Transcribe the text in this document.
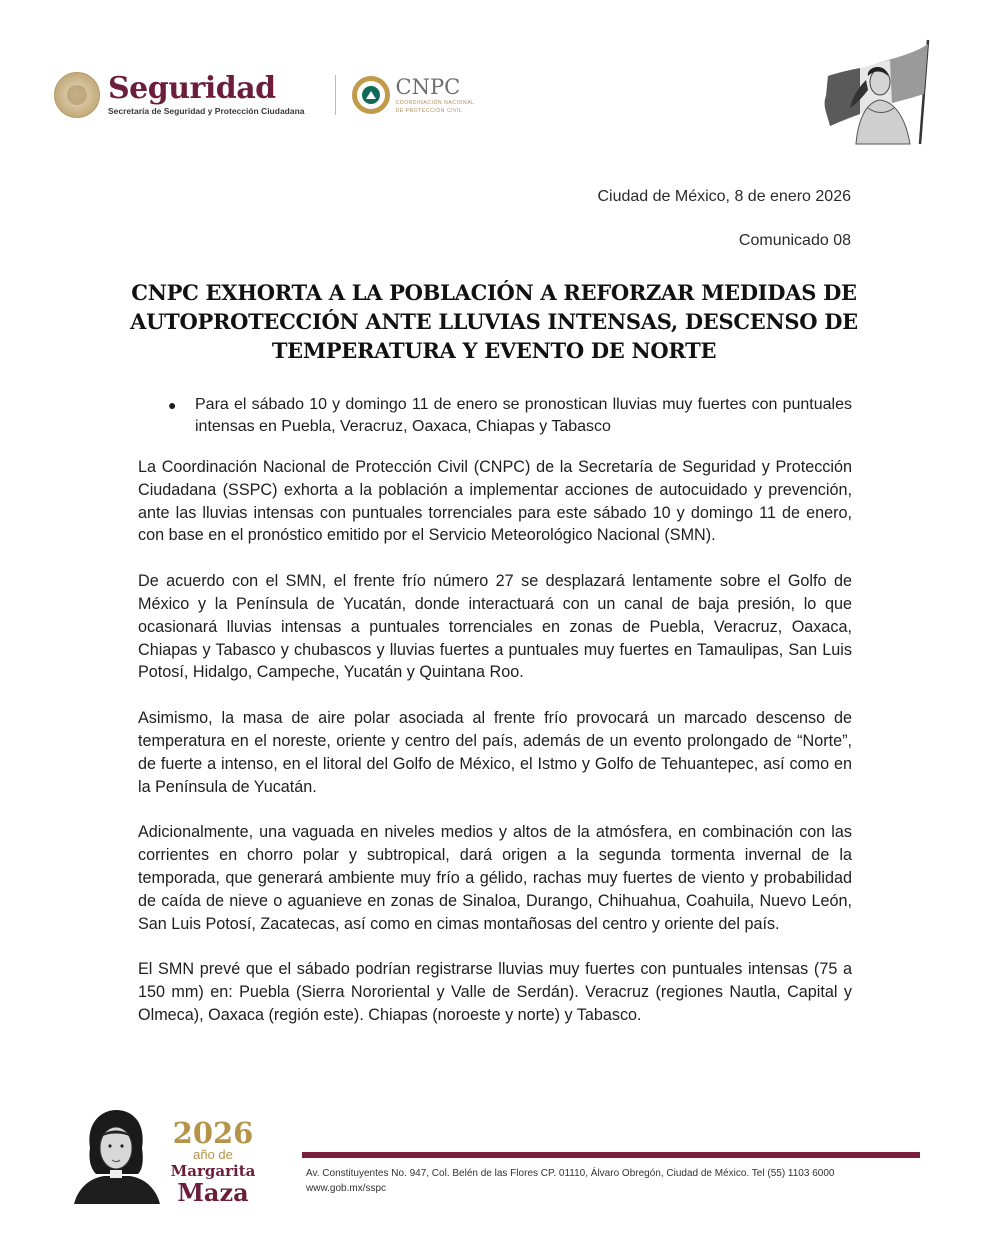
Seguridad
Secretaría de Seguridad y Protección Ciudadana
CNPC
COORDINACIÓN NACIONAL
DE PROTECCIÓN CIVIL
Ciudad de México, 8 de enero 2026
Comunicado 08
CNPC EXHORTA A LA POBLACIÓN A REFORZAR MEDIDAS DE AUTOPROTECCIÓN ANTE LLUVIAS INTENSAS, DESCENSO DE TEMPERATURA Y EVENTO DE NORTE
●	Para el sábado 10 y domingo 11 de enero se pronostican lluvias muy fuertes con puntuales intensas en Puebla, Veracruz, Oaxaca, Chiapas y Tabasco

La Coordinación Nacional de Protección Civil (CNPC) de la Secretaría de Seguridad y Protección Ciudadana (SSPC) exhorta a la población a implementar acciones de autocuidado y prevención, ante las lluvias intensas con puntuales torrenciales para este sábado 10 y domingo 11 de enero, con base en el pronóstico emitido por el Servicio Meteorológico Nacional (SMN).

De acuerdo con el SMN, el frente frío número 27 se desplazará lentamente sobre el Golfo de México y la Península de Yucatán, donde interactuará con un canal de baja presión, lo que ocasionará lluvias intensas a puntuales torrenciales en zonas de Puebla, Veracruz, Oaxaca, Chiapas y Tabasco y chubascos y lluvias fuertes a puntuales muy fuertes en Tamaulipas, San Luis Potosí, Hidalgo, Campeche, Yucatán y Quintana Roo.

Asimismo, la masa de aire polar asociada al frente frío provocará un marcado descenso de temperatura en el noreste, oriente y centro del país, además de un evento prolongado de “Norte”, de fuerte a intenso, en el litoral del Golfo de México, el Istmo y Golfo de Tehuantepec, así como en la Península de Yucatán.

Adicionalmente, una vaguada en niveles medios y altos de la atmósfera, en combinación con las corrientes en chorro polar y subtropical, dará origen a la segunda tormenta invernal de la temporada, que generará ambiente muy frío a gélido, rachas muy fuertes de viento y probabilidad de caída de nieve o aguanieve en zonas de Sinaloa, Durango, Chihuahua, Coahuila, Nuevo León, San Luis Potosí, Zacatecas, así como en cimas montañosas del centro y oriente del país.

El SMN prevé que el sábado podrían registrarse lluvias muy fuertes con puntuales intensas (75 a 150 mm) en: Puebla (Sierra Nororiental y Valle de Serdán). Veracruz (regiones Nautla, Capital y Olmeca), Oaxaca (región este). Chiapas (noroeste y norte) y Tabasco.

2026
año de
Margarita
Maza
Av. Constituyentes No. 947, Col. Belén de las Flores CP. 01110, Álvaro Obregón, Ciudad de México. Tel (55) 1103 6000 www.gob.mx/sspc
